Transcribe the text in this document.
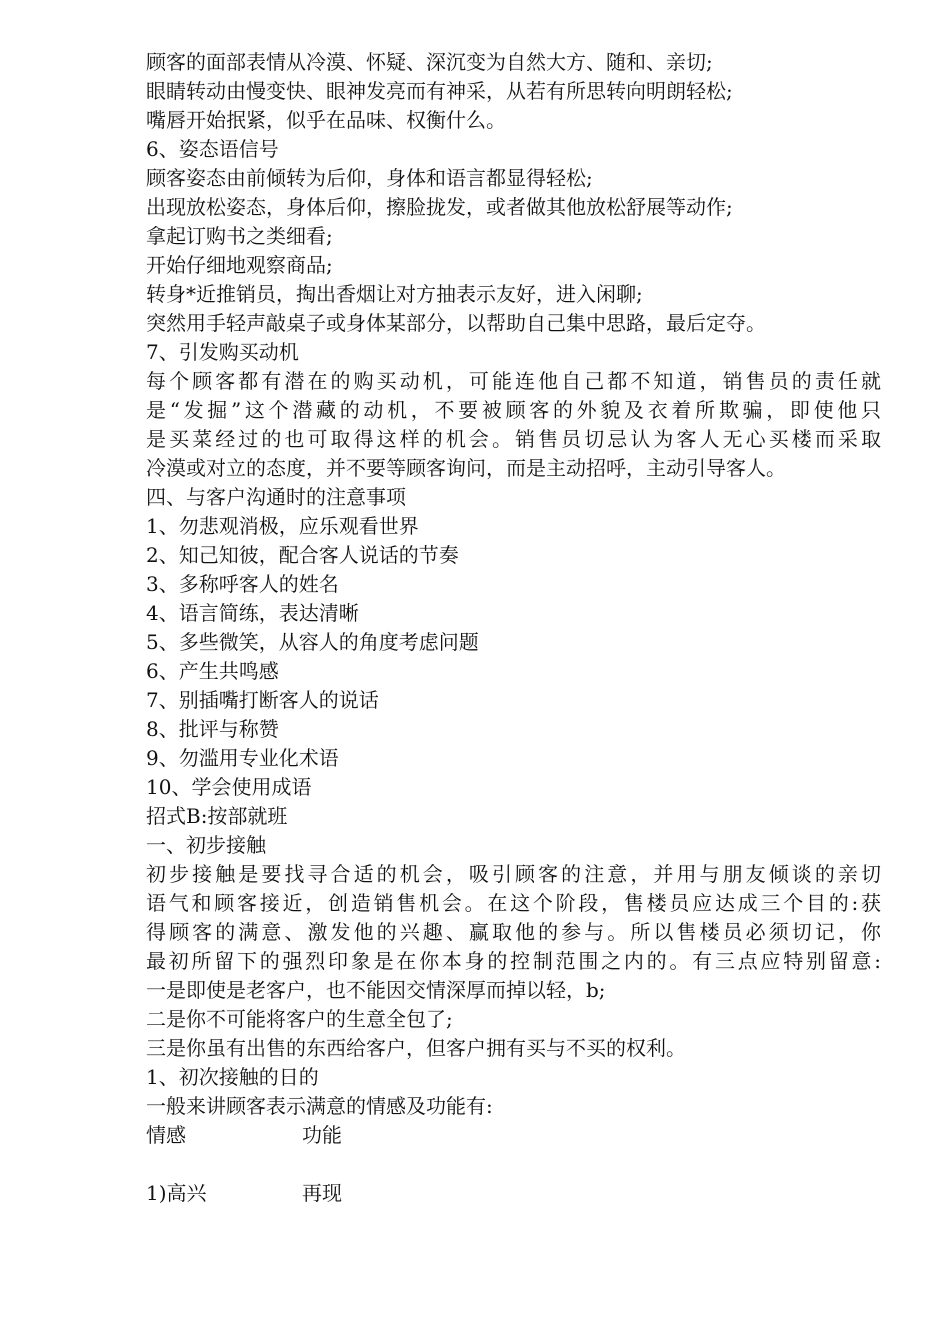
顾客的面部表情从冷漠、怀疑、深沉变为自然大方、随和、亲切;
眼睛转动由慢变快、眼神发亮而有神采，从若有所思转向明朗轻松;
嘴唇开始抿紧，似乎在品味、权衡什么。
6、姿态语信号
顾客姿态由前倾转为后仰，身体和语言都显得轻松;
出现放松姿态，身体后仰，擦脸拢发，或者做其他放松舒展等动作;
拿起订购书之类细看;
开始仔细地观察商品;
转身*近推销员，掏出香烟让对方抽表示友好，进入闲聊;
突然用手轻声敲桌子或身体某部分，以帮助自己集中思路，最后定夺。
7、引发购买动机
每个顾客都有潜在的购买动机，可能连他自己都不知道，销售员的责任就
是“发掘”这个潜藏的动机，不要被顾客的外貌及衣着所欺骗，即使他只
是买菜经过的也可取得这样的机会。销售员切忌认为客人无心买楼而采取
冷漠或对立的态度，并不要等顾客询问，而是主动招呼，主动引导客人。
四、与客户沟通时的注意事项
1、勿悲观消极，应乐观看世界
2、知己知彼，配合客人说话的节奏
3、多称呼客人的姓名
4、语言简练，表达清晰
5、多些微笑，从容人的角度考虑问题
6、产生共鸣感
7、别插嘴打断客人的说话
8、批评与称赞
9、勿滥用专业化术语
10、学会使用成语
招式B:按部就班
一、初步接触
初步接触是要找寻合适的机会，吸引顾客的注意，并用与朋友倾谈的亲切
语气和顾客接近，创造销售机会。在这个阶段，售楼员应达成三个目的:获
得顾客的满意、激发他的兴趣、赢取他的参与。所以售楼员必须切记，你
最初所留下的强烈印象是在你本身的控制范围之内的。有三点应特别留意:
一是即使是老客户，也不能因交情深厚而掉以轻，b;
二是你不可能将客户的生意全包了;
三是你虽有出售的东西给客户，但客户拥有买与不买的权利。
1、初次接触的日的
一般来讲顾客表示满意的情感及功能有:
情感	功能
1)高兴	再现
